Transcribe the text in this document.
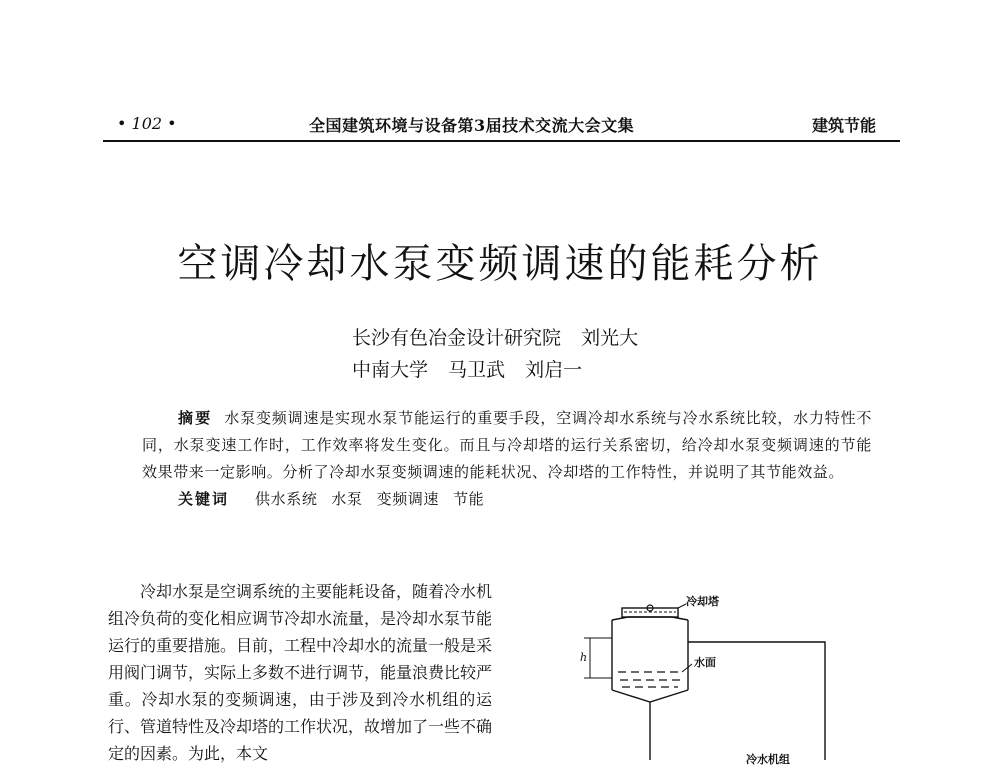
• 102 •	全国建筑环境与设备第3届技术交流大会文集	建筑节能
空调冷却水泵变频调速的能耗分析
长沙有色冶金设计研究院 刘光大
中南大学 马卫武 刘启一

摘要 水泵变频调速是实现水泵节能运行的重要手段，空调冷却水系统与冷水系统比较，水力特性不同，水泵变速工作时，工作效率将发生变化。而且与冷却塔的运行关系密切，给冷却水泵变频调速的节能效果带来一定影响。分析了冷却水泵变频调速的能耗状况、冷却塔的工作特性，并说明了其节能效益。

关键词 供水系统 水泵 变频调速 节能

冷却水泵是空调系统的主要能耗设备，随着冷水机组冷负荷的变化相应调节冷却水流量，是冷却水泵节能运行的重要措施。目前，工程中冷却水的流量一般是采用阀门调节，实际上多数不进行调节，能量浪费比较严重。冷却水泵的变频调速，由于涉及到冷水机组的运行、管道特性及冷却塔的工作状况，故增加了一些不确定的因素。为此，本文

冷却塔
水面
h
冷水机组
